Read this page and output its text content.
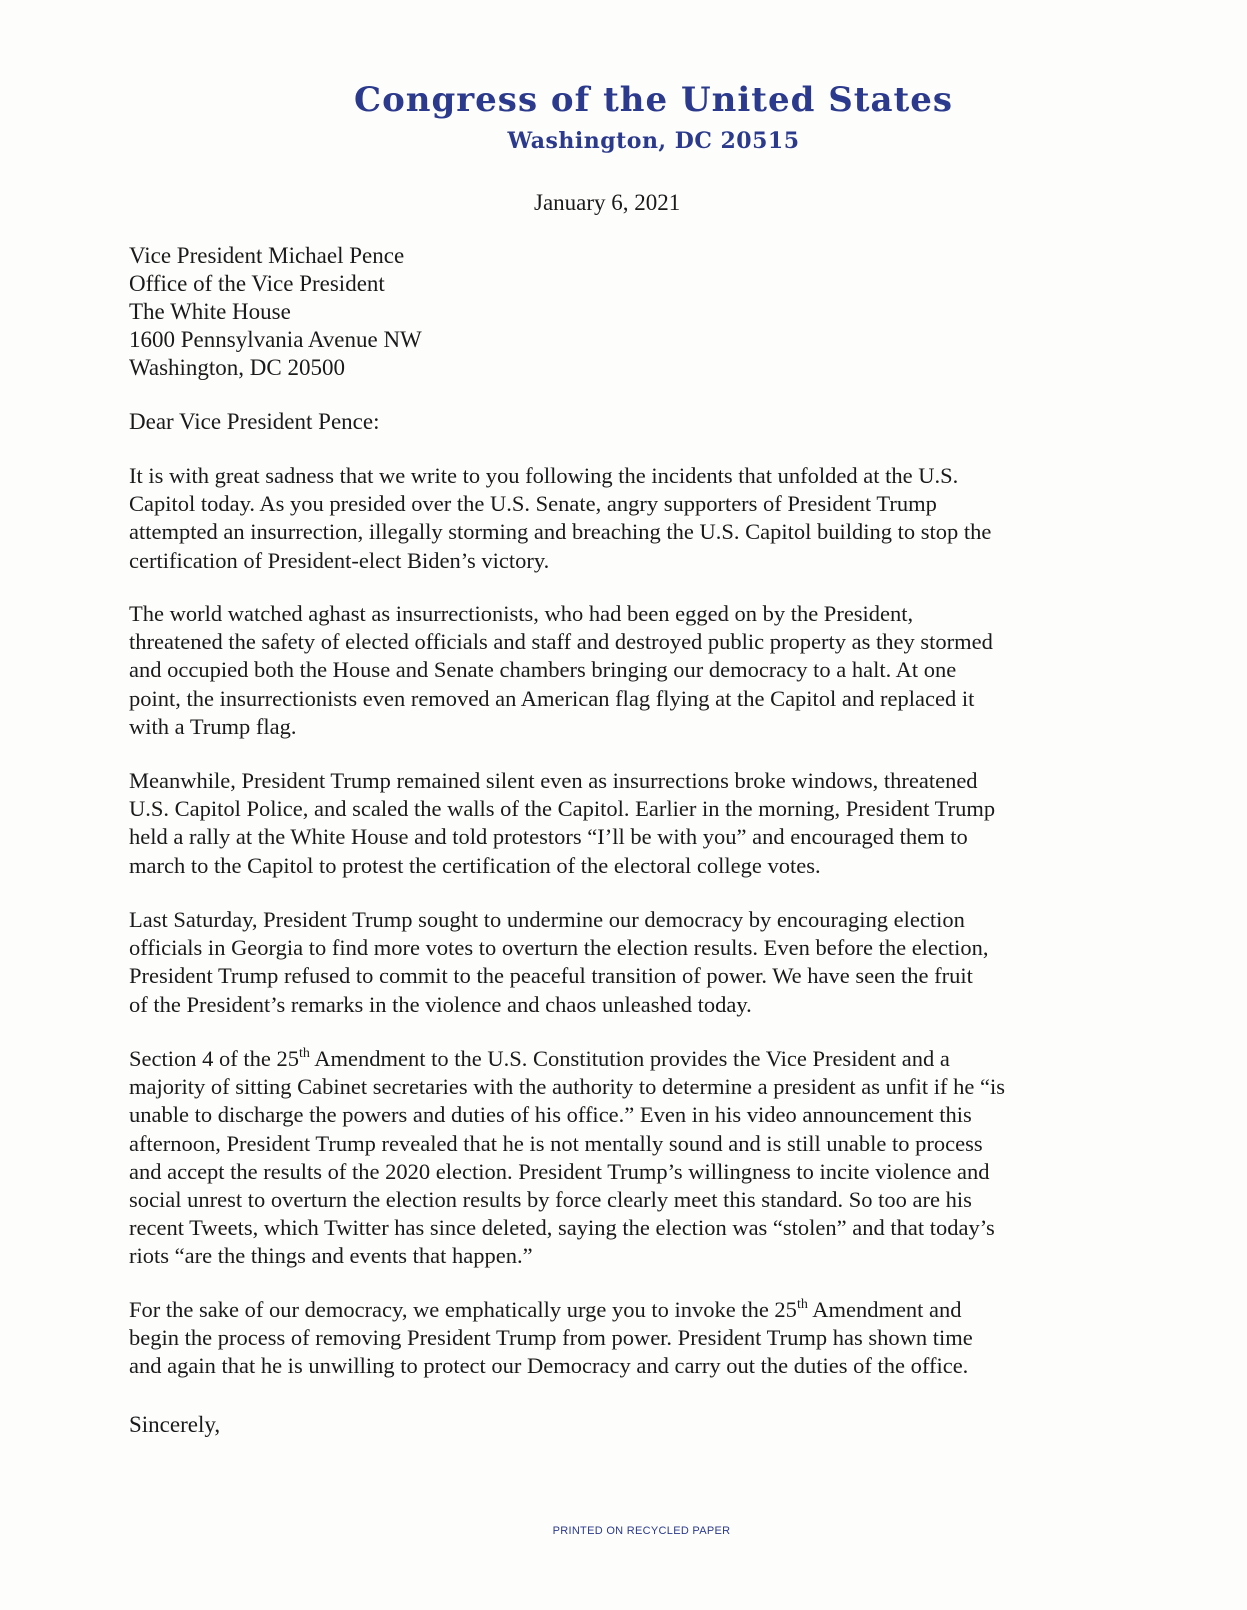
Congress of the United States
Washington, DC 20515
January 6, 2021
Vice President Michael Pence
Office of the Vice President
The White House
1600 Pennsylvania Avenue NW
Washington, DC 20500
Dear Vice President Pence:
It is with great sadness that we write to you following the incidents that unfolded at the U.S.
Capitol today. As you presided over the U.S. Senate, angry supporters of President Trump
attempted an insurrection, illegally storming and breaching the U.S. Capitol building to stop the
certification of President-elect Biden’s victory.
The world watched aghast as insurrectionists, who had been egged on by the President,
threatened the safety of elected officials and staff and destroyed public property as they stormed
and occupied both the House and Senate chambers bringing our democracy to a halt. At one
point, the insurrectionists even removed an American flag flying at the Capitol and replaced it
with a Trump flag.
Meanwhile, President Trump remained silent even as insurrections broke windows, threatened
U.S. Capitol Police, and scaled the walls of the Capitol. Earlier in the morning, President Trump
held a rally at the White House and told protestors “I’ll be with you” and encouraged them to
march to the Capitol to protest the certification of the electoral college votes.
Last Saturday, President Trump sought to undermine our democracy by encouraging election
officials in Georgia to find more votes to overturn the election results. Even before the election,
President Trump refused to commit to the peaceful transition of power. We have seen the fruit
of the President’s remarks in the violence and chaos unleashed today.
Section 4 of the 25th Amendment to the U.S. Constitution provides the Vice President and a
majority of sitting Cabinet secretaries with the authority to determine a president as unfit if he “is
unable to discharge the powers and duties of his office.” Even in his video announcement this
afternoon, President Trump revealed that he is not mentally sound and is still unable to process
and accept the results of the 2020 election. President Trump’s willingness to incite violence and
social unrest to overturn the election results by force clearly meet this standard. So too are his
recent Tweets, which Twitter has since deleted, saying the election was “stolen” and that today’s
riots “are the things and events that happen.”
For the sake of our democracy, we emphatically urge you to invoke the 25th Amendment and
begin the process of removing President Trump from power. President Trump has shown time
and again that he is unwilling to protect our Democracy and carry out the duties of the office.
Sincerely,
PRINTED ON RECYCLED PAPER
